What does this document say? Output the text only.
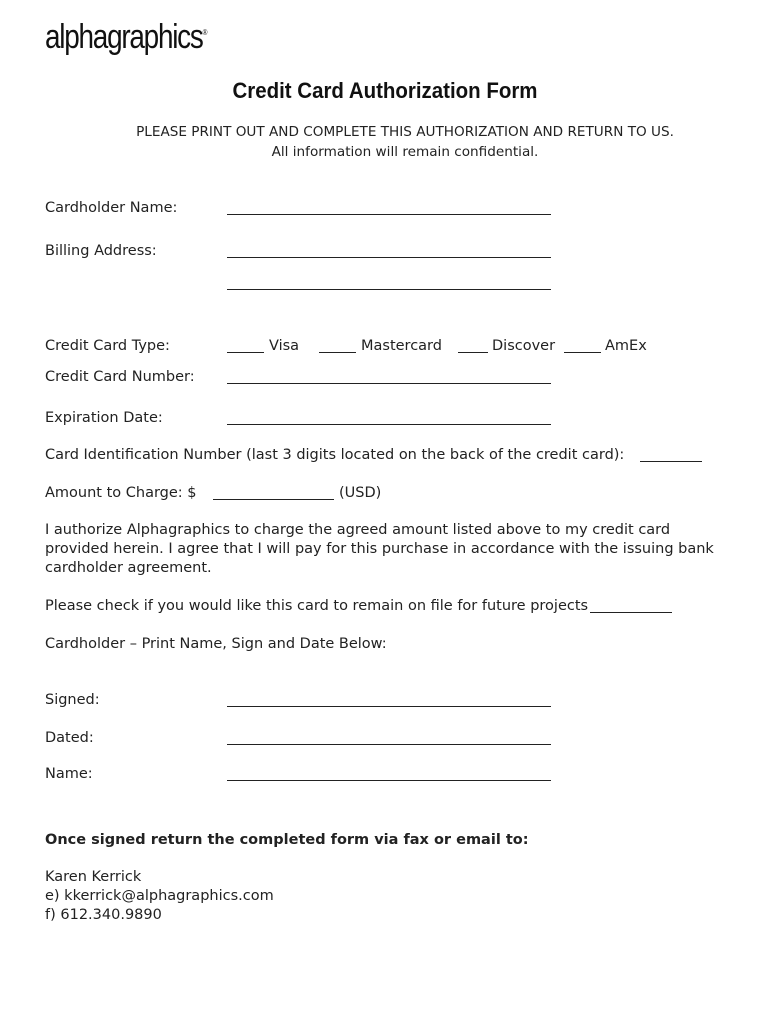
alphagraphics®
Credit Card Authorization Form
PLEASE PRINT OUT AND COMPLETE THIS AUTHORIZATION AND RETURN TO US.
All information will remain confidential.
Cardholder Name:
Billing Address:
Credit Card Type:	Visa	Mastercard	Discover	AmEx
Credit Card Number:
Expiration Date:
Card Identification Number (last 3 digits located on the back of the credit card):
Amount to Charge: $	(USD)
I authorize Alphagraphics to charge the agreed amount listed above to my credit card provided herein. I agree that I will pay for this purchase in accordance with the issuing bank cardholder agreement.
Please check if you would like this card to remain on file for future projects
Cardholder – Print Name, Sign and Date Below:
Signed:
Dated:
Name:
Once signed return the completed form via fax or email to:
Karen Kerrick
e) kkerrick@alphagraphics.com
f) 612.340.9890
